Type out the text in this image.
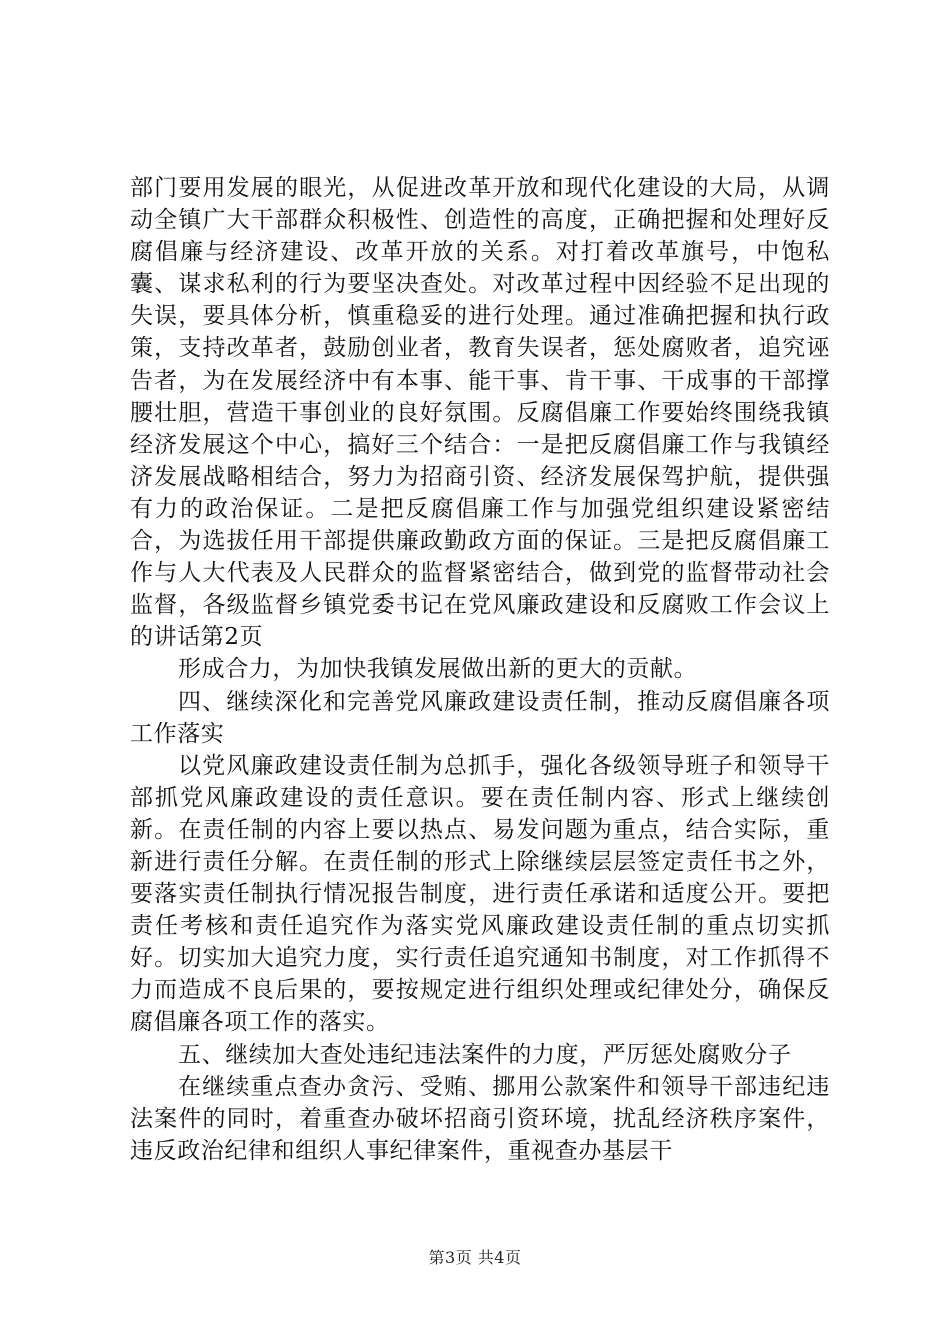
部门要用发展的眼光，从促进改革开放和现代化建设的大局，从调动全镇广大干部群众积极性、创造性的高度，正确把握和处理好反腐倡廉与经济建设、改革开放的关系。对打着改革旗号，中饱私囊、谋求私利的行为要坚决查处。对改革过程中因经验不足出现的失误，要具体分析，慎重稳妥的进行处理。通过准确把握和执行政策，支持改革者，鼓励创业者，教育失误者，惩处腐败者，追究诬告者，为在发展经济中有本事、能干事、肯干事、干成事的干部撑腰壮胆，营造干事创业的良好氛围。反腐倡廉工作要始终围绕我镇经济发展这个中心，搞好三个结合：一是把反腐倡廉工作与我镇经济发展战略相结合，努力为招商引资、经济发展保驾护航，提供强有力的政治保证。二是把反腐倡廉工作与加强党组织建设紧密结合，为选拔任用干部提供廉政勤政方面的保证。三是把反腐倡廉工作与人大代表及人民群众的监督紧密结合，做到党的监督带动社会监督，各级监督乡镇党委书记在党风廉政建设和反腐败工作会议上的讲话第2页

形成合力，为加快我镇发展做出新的更大的贡献。

四、继续深化和完善党风廉政建设责任制，推动反腐倡廉各项工作落实

以党风廉政建设责任制为总抓手，强化各级领导班子和领导干部抓党风廉政建设的责任意识。要在责任制内容、形式上继续创新。在责任制的内容上要以热点、易发问题为重点，结合实际，重新进行责任分解。在责任制的形式上除继续层层签定责任书之外，要落实责任制执行情况报告制度，进行责任承诺和适度公开。要把责任考核和责任追究作为落实党风廉政建设责任制的重点切实抓好。切实加大追究力度，实行责任追究通知书制度，对工作抓得不力而造成不良后果的，要按规定进行组织处理或纪律处分，确保反腐倡廉各项工作的落实。

五、继续加大查处违纪违法案件的力度，严厉惩处腐败分子

在继续重点查办贪污、受贿、挪用公款案件和领导干部违纪违法案件的同时，着重查办破坏招商引资环境，扰乱经济秩序案件，违反政治纪律和组织人事纪律案件，重视查办基层干

第3页 共4页
